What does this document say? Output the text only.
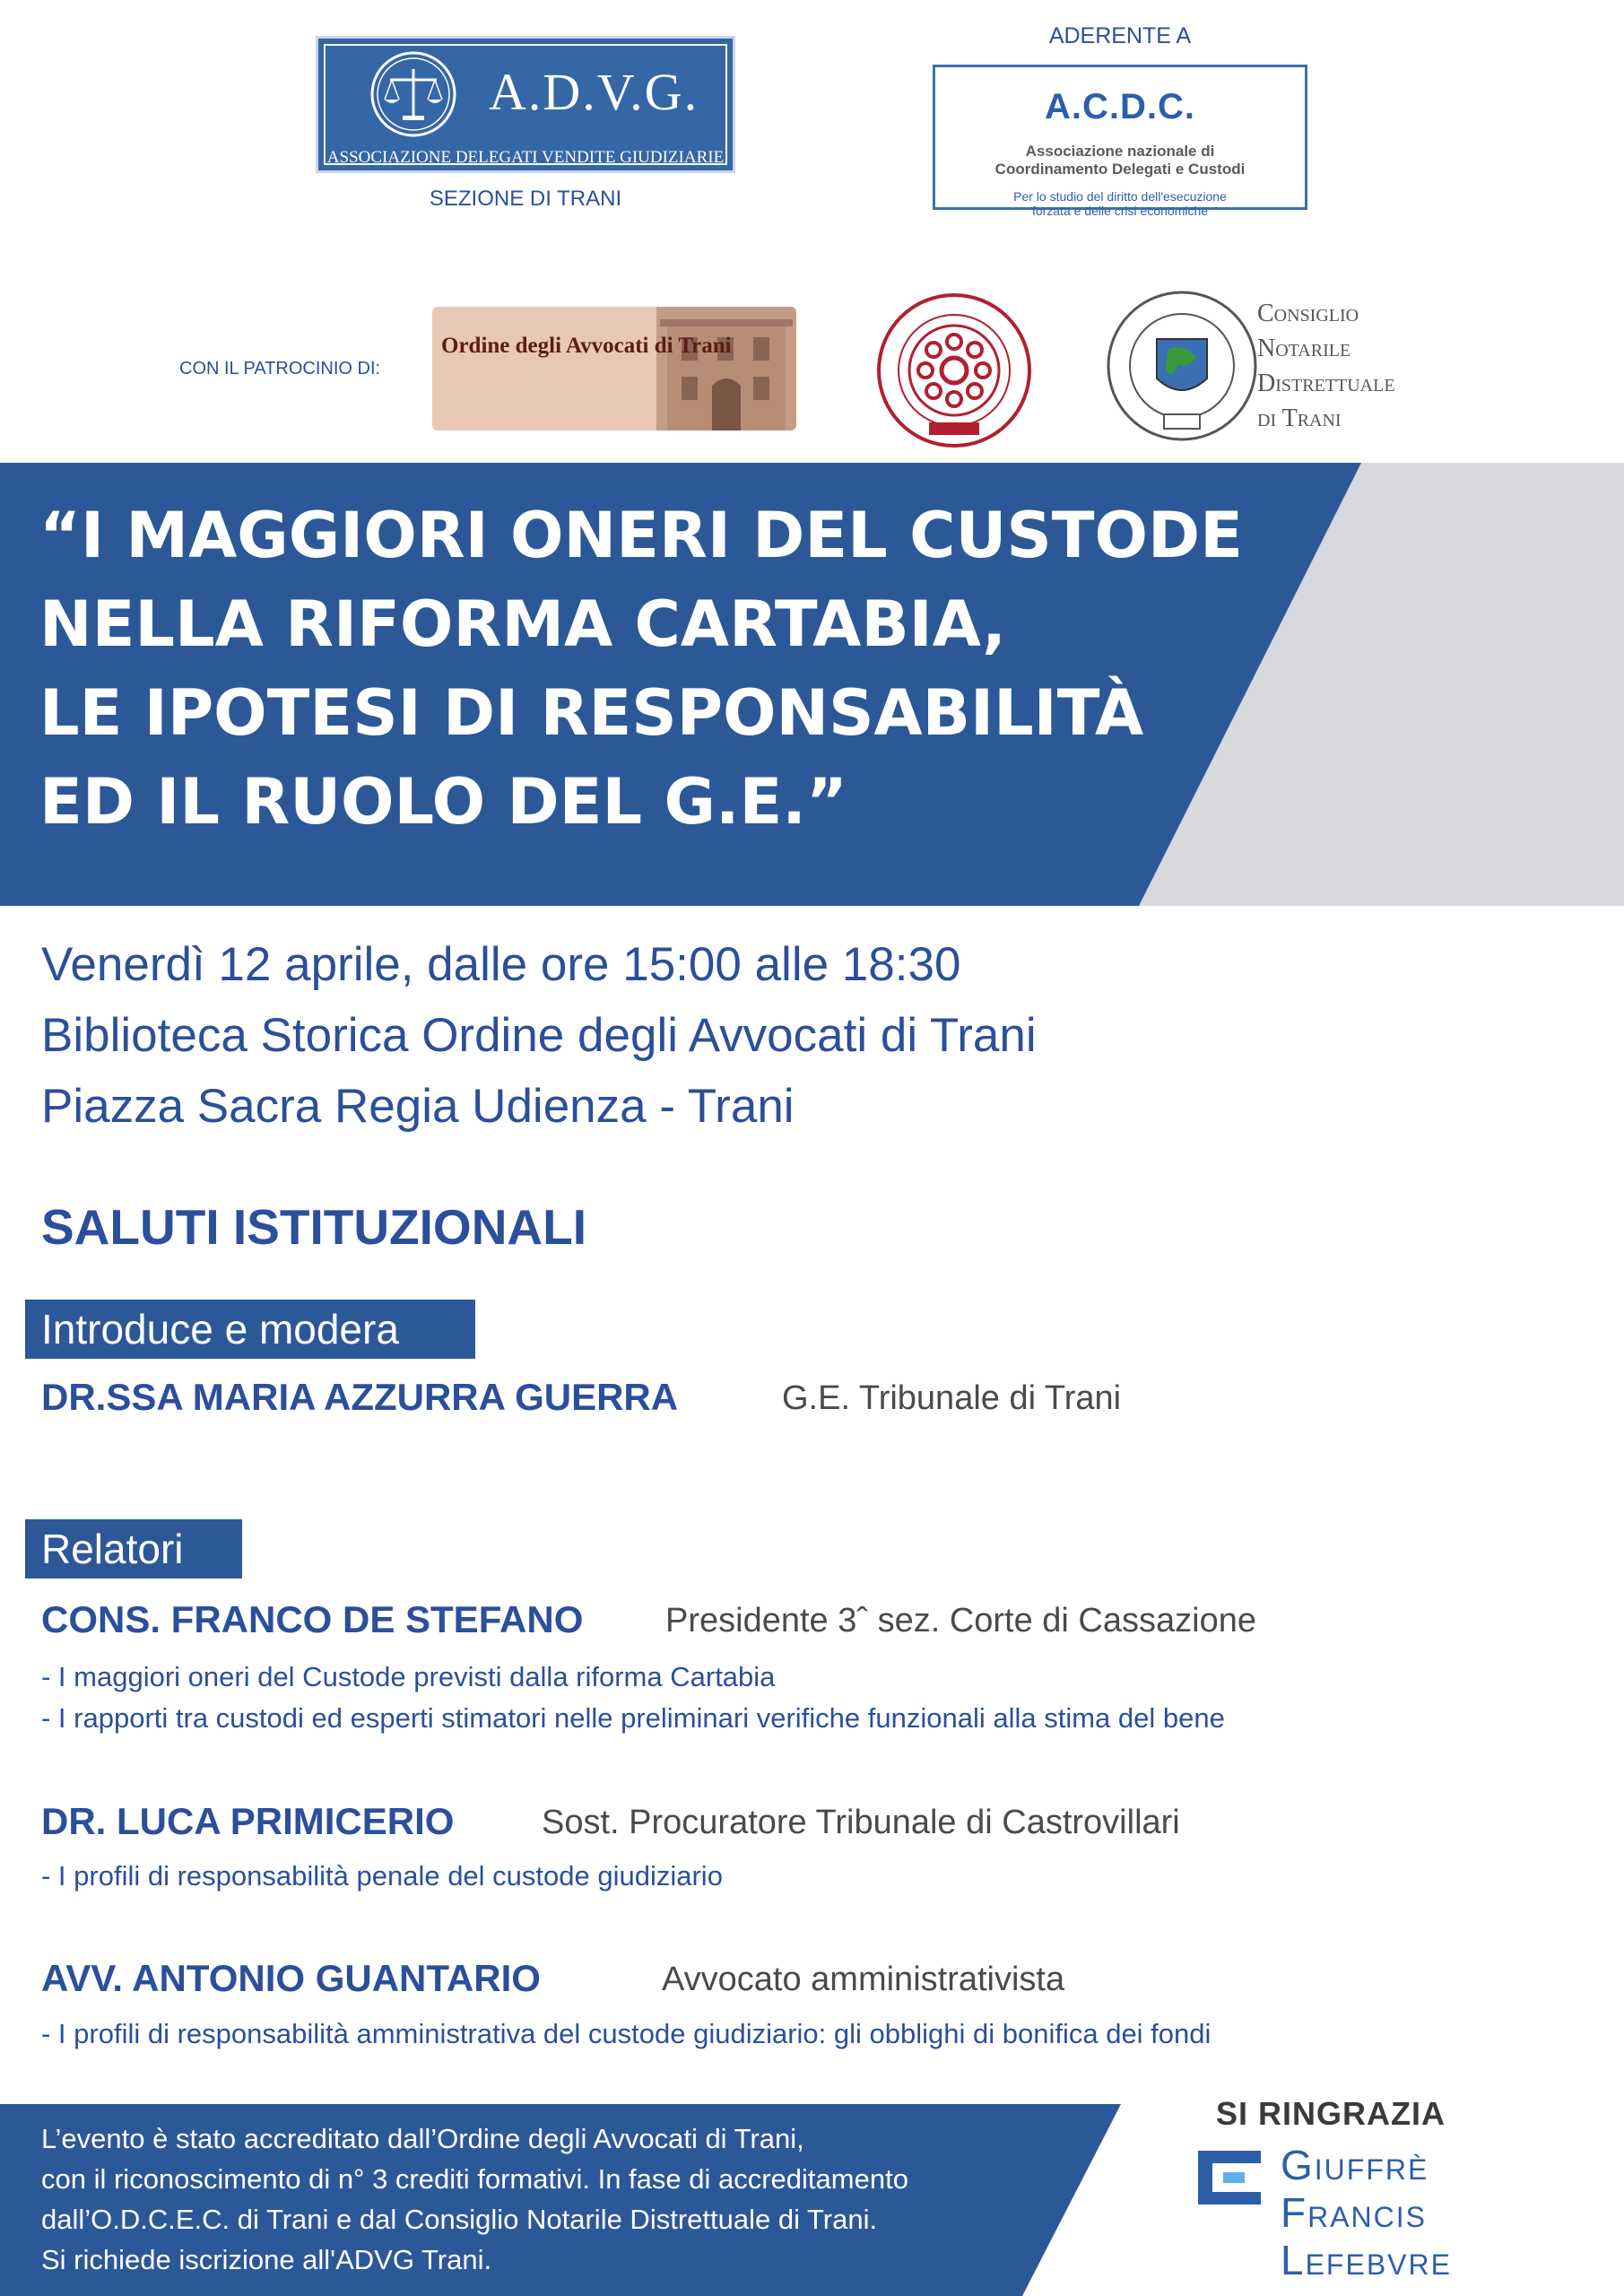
A.D.V.G.
ASSOCIAZIONE DELEGATI VENDITE GIUDIZIARIE
SEZIONE DI TRANI
ADERENTE A
A.C.D.C.
Associazione nazionale di
Coordinamento Delegati e Custodi
Per lo studio del diritto dell'esecuzione
forzata e delle crisi economiche
CON IL PATROCINIO DI:
Ordine degli Avvocati di Trani
Consiglio
Notarile
Distrettuale
di Trani
“I MAGGIORI ONERI DEL CUSTODE
NELLA RIFORMA CARTABIA,
LE IPOTESI DI RESPONSABILITÀ
ED IL RUOLO DEL G.E.”
Venerdì 12 aprile, dalle ore 15:00 alle 18:30
Biblioteca Storica Ordine degli Avvocati di Trani
Piazza Sacra Regia Udienza - Trani
SALUTI ISTITUZIONALI
Introduce e modera
DR.SSA MARIA AZZURRA GUERRA	G.E. Tribunale di Trani
Relatori
CONS. FRANCO DE STEFANO Presidente 3ˆ sez. Corte di Cassazione
- I maggiori oneri del Custode previsti dalla riforma Cartabia
- I rapporti tra custodi ed esperti stimatori nelle preliminari verifiche funzionali alla stima del bene
DR. LUCA PRIMICERIO	Sost. Procuratore Tribunale di Castrovillari
- I profili di responsabilità penale del custode giudiziario
AVV. ANTONIO GUANTARIO	Avvocato amministrativista
- I profili di responsabilità amministrativa del custode giudiziario: gli obblighi di bonifica dei fondi
L’evento è stato accreditato dall’Ordine degli Avvocati di Trani,
con il riconoscimento di n° 3 crediti formativi. In fase di accreditamento
dall’O.D.C.E.C. di Trani e dal Consiglio Notarile Distrettuale di Trani.
Si richiede iscrizione all'ADVG Trani.
SI RINGRAZIA
Giuffrè
Francis
Lefebvre
